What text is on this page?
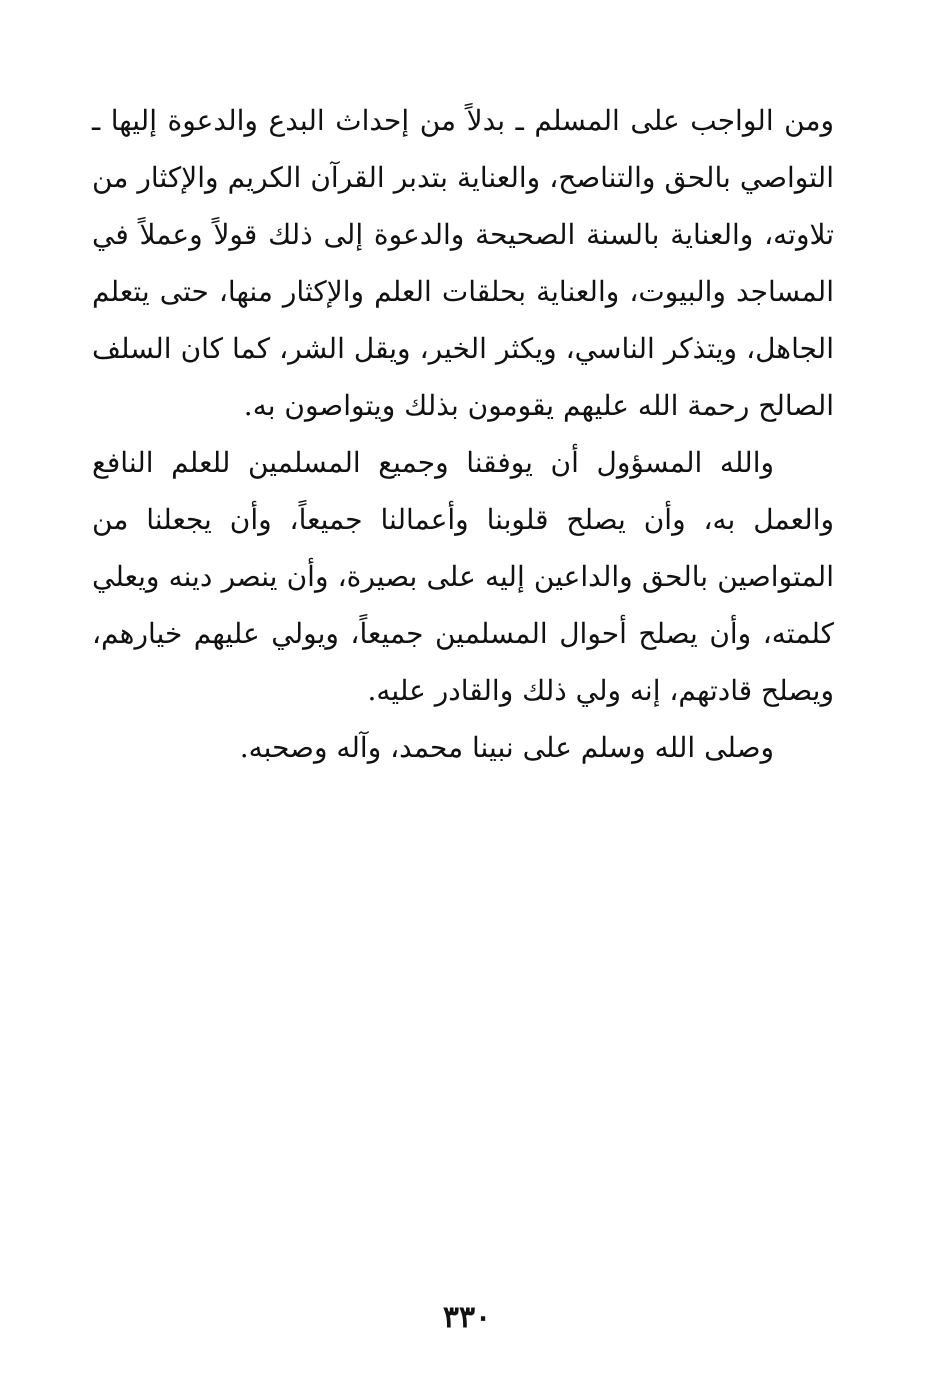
ومن الواجب على المسلم ـ بدلاً من إحداث البدع والدعوة إليها ـ التواصي بالحق والتناصح، والعناية بتدبر القرآن الكريم والإكثار من تلاوته، والعناية بالسنة الصحيحة والدعوة إلى ذلك قولاً وعملاً في المساجد والبيوت، والعناية بحلقات العلم والإكثار منها، حتى يتعلم الجاهل، ويتذكر الناسي، ويكثر الخير، ويقل الشر، كما كان السلف الصالح رحمة الله عليهم يقومون بذلك ويتواصون به.

والله المسؤول أن يوفقنا وجميع المسلمين للعلم النافع والعمل به، وأن يصلح قلوبنا وأعمالنا جميعاً، وأن يجعلنا من المتواصين بالحق والداعين إليه على بصيرة، وأن ينصر دينه ويعلي كلمته، وأن يصلح أحوال المسلمين جميعاً، ويولي عليهم خيارهم، ويصلح قادتهم، إنه ولي ذلك والقادر عليه.

وصلى الله وسلم على نبينا محمد، وآله وصحبه.

٣٣٠
